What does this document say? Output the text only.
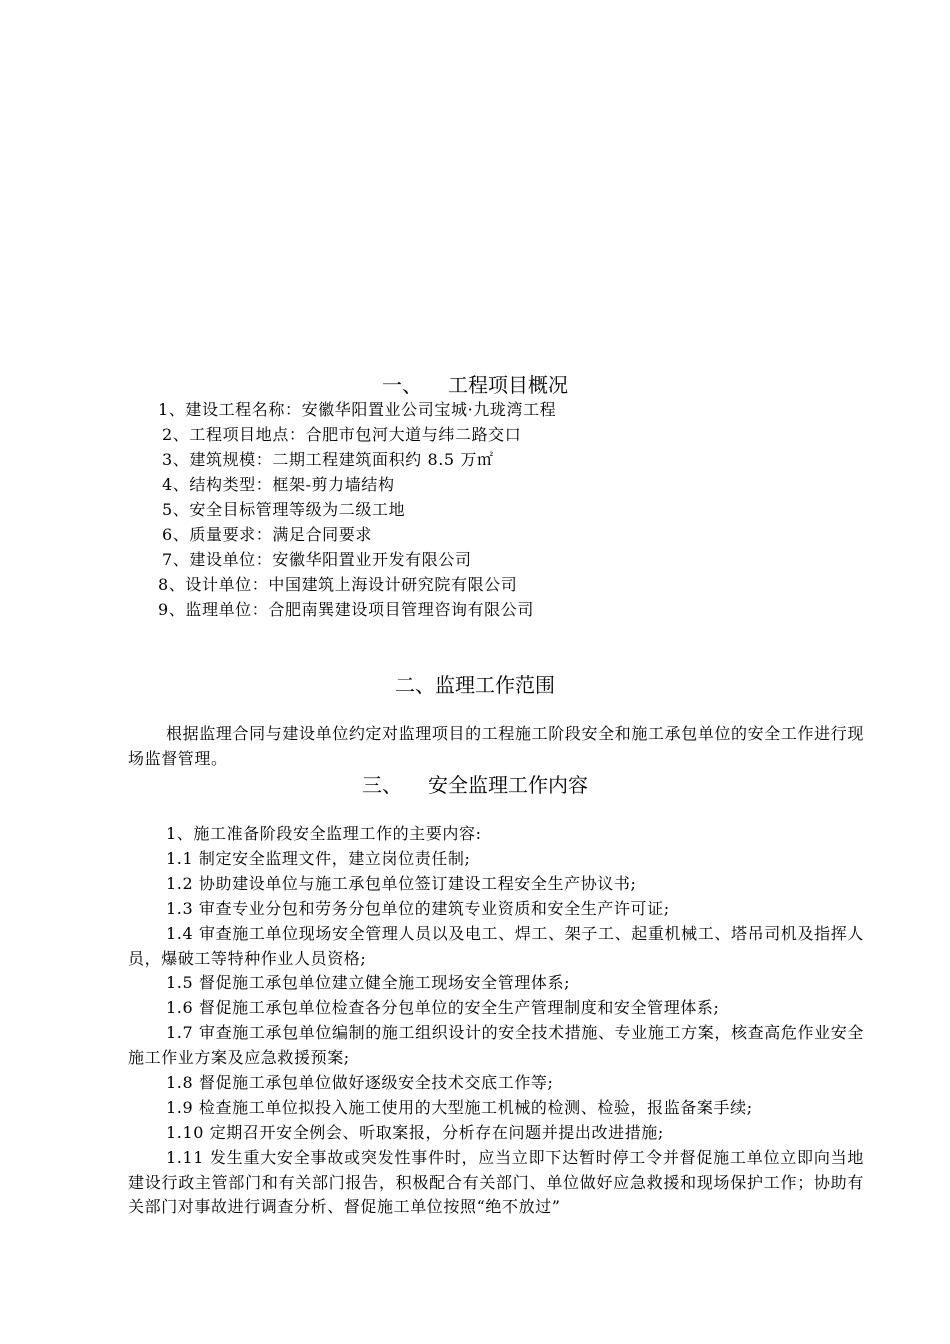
一、 工程项目概况
1、建设工程名称：安徽华阳置业公司宝城·九珑湾工程
2、工程项目地点：合肥市包河大道与纬二路交口
3、建筑规模：二期工程建筑面积约 8.5 万㎡
4、结构类型：框架-剪力墙结构
5、安全目标管理等级为二级工地
6、质量要求：满足合同要求
7、建设单位：安徽华阳置业开发有限公司
8、设计单位：中国建筑上海设计研究院有限公司
9、监理单位：合肥南巽建设项目管理咨询有限公司
二、监理工作范围
根据监理合同与建设单位约定对监理项目的工程施工阶段安全和施工承包单位的安全工作进行现场监督管理。
三、 安全监理工作内容
1、施工准备阶段安全监理工作的主要内容:
1.1 制定安全监理文件，建立岗位责任制;
1.2 协助建设单位与施工承包单位签订建设工程安全生产协议书;
1.3 审查专业分包和劳务分包单位的建筑专业资质和安全生产许可证;
1.4 审查施工单位现场安全管理人员以及电工、焊工、架子工、起重机械工、塔吊司机及指挥人员，爆破工等特种作业人员资格;
1.5 督促施工承包单位建立健全施工现场安全管理体系;
1.6 督促施工承包单位检查各分包单位的安全生产管理制度和安全管理体系;
1.7 审查施工承包单位编制的施工组织设计的安全技术措施、专业施工方案，核查高危作业安全施工作业方案及应急救援预案;
1.8 督促施工承包单位做好逐级安全技术交底工作等;
1.9 检查施工单位拟投入施工使用的大型施工机械的检测、检验，报监备案手续;
1.10 定期召开安全例会、听取案报，分析存在问题并提出改进措施;
1.11 发生重大安全事故或突发性事件时，应当立即下达暂时停工令并督促施工单位立即向当地建设行政主管部门和有关部门报告，积极配合有关部门、单位做好应急救援和现场保护工作；协助有关部门对事故进行调查分析、督促施工单位按照“绝不放过”
